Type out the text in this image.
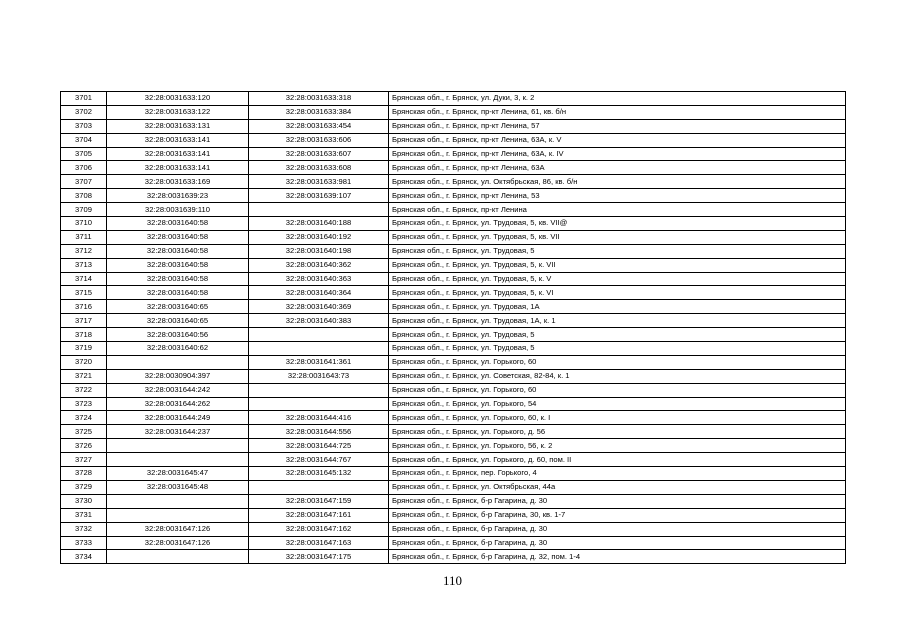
3701	32:28:0031633:120	32:28:0031633:318	Брянская обл., г. Брянск, ул. Дуки, 3, к. 2
3702	32:28:0031633:122	32:28:0031633:384	Брянская обл., г. Брянск, пр-кт Ленина, 61, кв. б/н
3703	32:28:0031633:131	32:28:0031633:454	Брянская обл., г. Брянск, пр-кт Ленина, 57
3704	32:28:0031633:141	32:28:0031633:606	Брянская обл., г. Брянск, пр-кт Ленина, 63А, к. V
3705	32:28:0031633:141	32:28:0031633:607	Брянская обл., г. Брянск, пр-кт Ленина, 63А, к. IV
3706	32:28:0031633:141	32:28:0031633:608	Брянская обл., г. Брянск, пр-кт Ленина, 63А
3707	32:28:0031633:169	32:28:0031633:981	Брянская обл., г. Брянск, ул. Октябрьская, 86, кв. б/н
3708	32:28:0031639:23	32:28:0031639:107	Брянская обл., г. Брянск, пр-кт Ленина, 53
3709	32:28:0031639:110		Брянская обл., г. Брянск, пр-кт Ленина
3710	32:28:0031640:58	32:28:0031640:188	Брянская обл., г. Брянск, ул. Трудовая, 5, кв. VII@
3711	32:28:0031640:58	32:28:0031640:192	Брянская обл., г. Брянск, ул. Трудовая, 5, кв. VII
3712	32:28:0031640:58	32:28:0031640:198	Брянская обл., г. Брянск, ул. Трудовая, 5
3713	32:28:0031640:58	32:28:0031640:362	Брянская обл., г. Брянск, ул. Трудовая, 5, к. VII
3714	32:28:0031640:58	32:28:0031640:363	Брянская обл., г. Брянск, ул. Трудовая, 5, к. V
3715	32:28:0031640:58	32:28:0031640:364	Брянская обл., г. Брянск, ул. Трудовая, 5, к. VI
3716	32:28:0031640:65	32:28:0031640:369	Брянская обл., г. Брянск, ул. Трудовая, 1А
3717	32:28:0031640:65	32:28:0031640:383	Брянская обл., г. Брянск, ул. Трудовая, 1А, к. 1
3718	32:28:0031640:56		Брянская обл., г. Брянск, ул. Трудовая, 5
3719	32:28:0031640:62		Брянская обл., г. Брянск, ул. Трудовая, 5
3720		32:28:0031641:361	Брянская обл., г. Брянск, ул. Горького, 60
3721	32:28:0030904:397	32:28:0031643:73	Брянская обл., г. Брянск, ул. Советская, 82-84, к. 1
3722	32:28:0031644:242		Брянская обл., г. Брянск, ул. Горького, 60
3723	32:28:0031644:262		Брянская обл., г. Брянск, ул. Горького, 54
3724	32:28:0031644:249	32:28:0031644:416	Брянская обл., г. Брянск, ул. Горького, 60, к. I
3725	32:28:0031644:237	32:28:0031644:556	Брянская обл., г. Брянск, ул. Горького, д. 56
3726		32:28:0031644:725	Брянская обл., г. Брянск, ул. Горького, 56, к. 2
3727		32:28:0031644:767	Брянская обл., г. Брянск, ул. Горького, д. 60, пом. II
3728	32:28:0031645:47	32:28:0031645:132	Брянская обл., г. Брянск, пер. Горького, 4
3729	32:28:0031645:48		Брянская обл., г. Брянск, ул. Октябрьская, 44а
3730		32:28:0031647:159	Брянская обл., г. Брянск, б-р Гагарина, д. 30
3731		32:28:0031647:161	Брянская обл., г. Брянск, б-р Гагарина, 30, кв. 1-7
3732	32:28:0031647:126	32:28:0031647:162	Брянская обл., г. Брянск, б-р Гагарина, д. 30
3733	32:28:0031647:126	32:28:0031647:163	Брянская обл., г. Брянск, б-р Гагарина, д. 30
3734		32:28:0031647:175	Брянская обл., г. Брянск, б-р Гагарина, д. 32, пом. 1-4
110
